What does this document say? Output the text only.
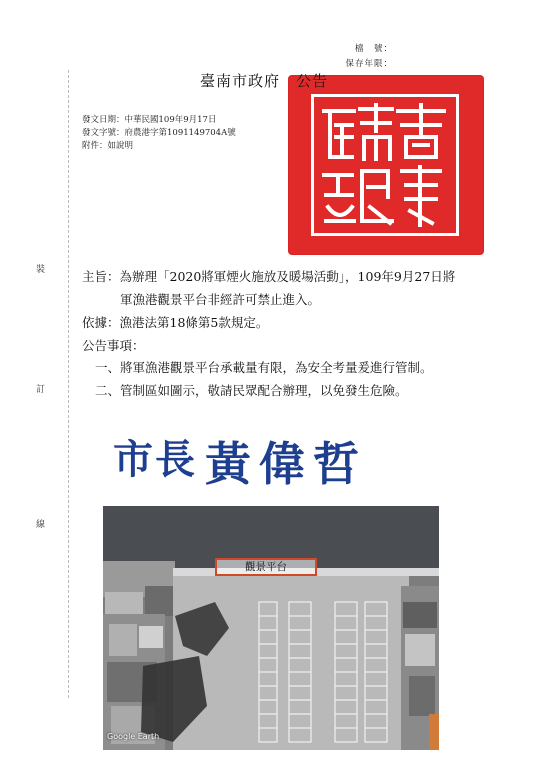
裝
訂
線
檔　號：
保存年限：
臺南市政府　公告
發文日期：中華民國109年9月17日
發文字號：府農港字第1091149704A號
附件：如說明
主旨：為辦理「2020將軍煙火施放及暖場活動」，109年9月27日將
軍漁港觀景平台非經許可禁止進入。
依據：漁港法第18條第5款規定。
公告事項：
一、將軍漁港觀景平台承載量有限，為安全考量爰進行管制。
二、管制區如圖示，敬請民眾配合辦理，以免發生危險。
市長 黃偉哲
觀景平台
Google Earth
